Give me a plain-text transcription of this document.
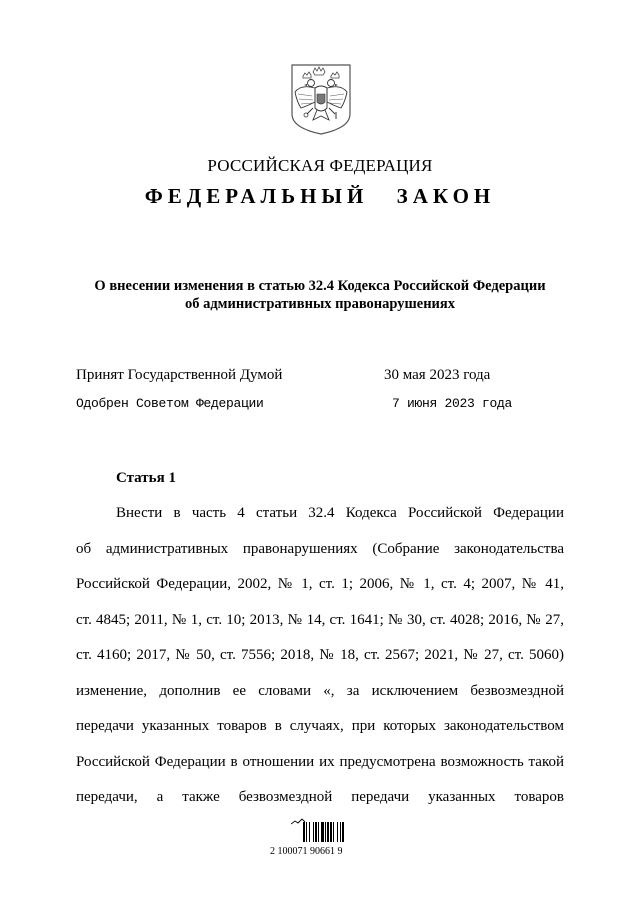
РОССИЙСКАЯ ФЕДЕРАЦИЯ
ФЕДЕРАЛЬНЫЙ ЗАКОН
О внесении изменения в статью 32.4 Кодекса Российской Федерации
об административных правонарушениях
Принят Государственной Думой	30 мая 2023 года
Одобрен Советом Федерации	7 июня 2023 года
Статья 1
Внести в часть 4 статьи 32.4 Кодекса Российской Федерации
об административных правонарушениях (Собрание законодательства
Российской Федерации, 2002, № 1, ст. 1; 2006, № 1, ст. 4; 2007, № 41,
ст. 4845; 2011, № 1, ст. 10; 2013, № 14, ст. 1641; № 30, ст. 4028; 2016, № 27,
ст. 4160; 2017, № 50, ст. 7556; 2018, № 18, ст. 2567; 2021, № 27, ст. 5060)
изменение, дополнив ее словами «, за исключением безвозмездной
передачи указанных товаров в случаях, при которых законодательством
Российской Федерации в отношении их предусмотрена возможность такой
передачи, а также безвозмездной передачи указанных товаров
2 100071 90661 9
